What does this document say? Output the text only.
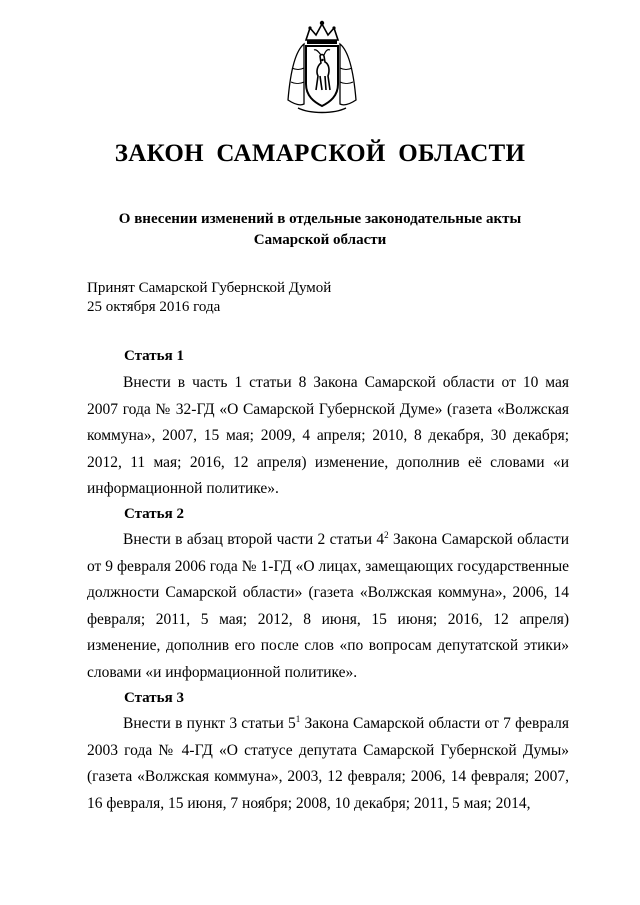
ЗАКОН САМАРСКОЙ ОБЛАСТИ
О внесении изменений в отдельные законодательные акты
Самарской области
Принят Самарской Губернской Думой
25 октября 2016 года
Статья 1
Внести в часть 1 статьи 8 Закона Самарской области от 10 мая 2007 года № 32-ГД «О Самарской Губернской Думе» (газета «Волжская коммуна», 2007, 15 мая; 2009, 4 апреля; 2010, 8 декабря, 30 декабря; 2012, 11 мая; 2016, 12 апреля) изменение, дополнив её словами «и информационной политике».
Статья 2
Внести в абзац второй части 2 статьи $4^2$ Закона Самарской области от 9 февраля 2006 года № 1-ГД «О лицах, замещающих государственные должности Самарской области» (газета «Волжская коммуна», 2006, 14 февраля; 2011, 5 мая; 2012, 8 июня, 15 июня; 2016, 12 апреля) изменение, дополнив его после слов «по вопросам депутатской этики» словами «и информационной политике».
Статья 3
Внести в пункт 3 статьи $5^1$ Закона Самарской области от 7 февраля 2003 года № 4-ГД «О статусе депутата Самарской Губернской Думы» (газета «Волжская коммуна», 2003, 12 февраля; 2006, 14 февраля; 2007, 16 февраля, 15 июня, 7 ноября; 2008, 10 декабря; 2011, 5 мая; 2014,
